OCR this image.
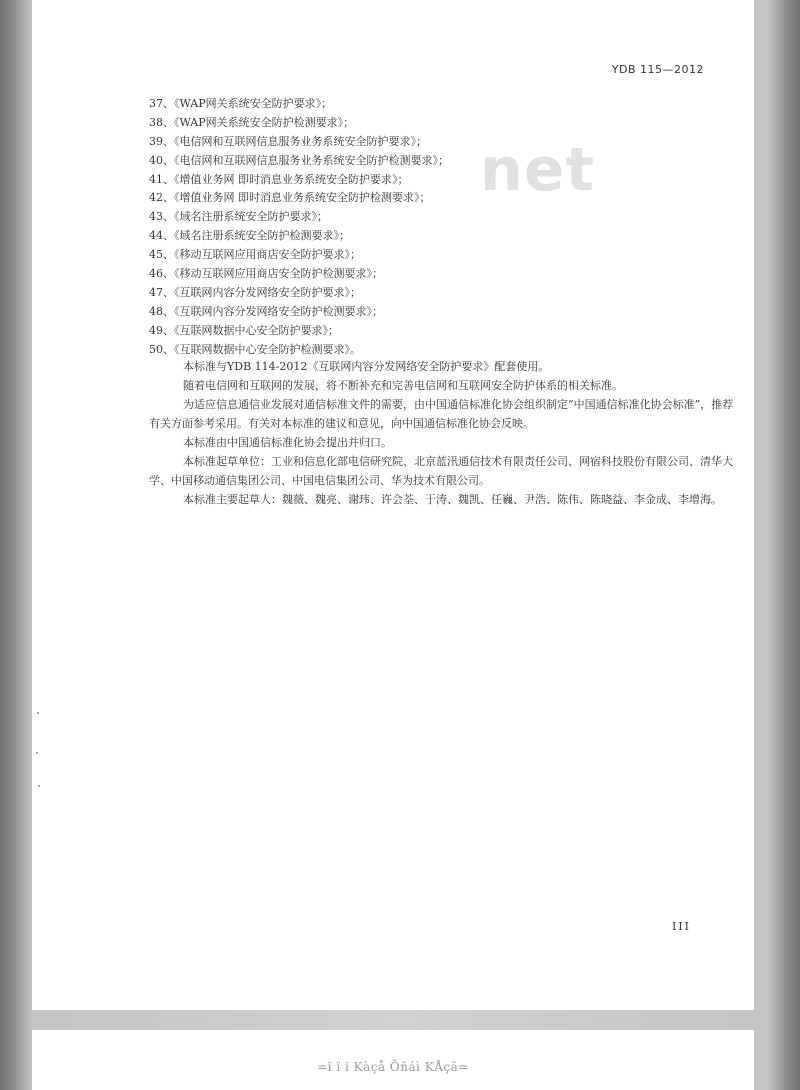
YDB 115—2012
net
37、《WAP网关系统安全防护要求》；
38、《WAP网关系统安全防护检测要求》；
39、《电信网和互联网信息服务业务系统安全防护要求》；
40、《电信网和互联网信息服务业务系统安全防护检测要求》；
41、《增值业务网 即时消息业务系统安全防护要求》；
42、《增值业务网 即时消息业务系统安全防护检测要求》；
43、《域名注册系统安全防护要求》；
44、《域名注册系统安全防护检测要求》；
45、《移动互联网应用商店安全防护要求》；
46、《移动互联网应用商店安全防护检测要求》；
47、《互联网内容分发网络安全防护要求》；
48、《互联网内容分发网络安全防护检测要求》；
49、《互联网数据中心安全防护要求》；
50、《互联网数据中心安全防护检测要求》。

本标准与YDB 114-2012《互联网内容分发网络安全防护要求》配套使用。

随着电信网和互联网的发展，将不断补充和完善电信网和互联网安全防护体系的相关标准。

为适应信息通信业发展对通信标准文件的需要，由中国通信标准化协会组织制定“中国通信标准化协会标准”，推荐有关方面参考采用。有关对本标准的建议和意见，向中国通信标准化协会反映。

本标准由中国通信标准化协会提出并归口。

本标准起草单位：工业和信息化部电信研究院、北京蓝汛通信技术有限责任公司、网宿科技股份有限公司、清华大学、中国移动通信集团公司、中国电信集团公司、华为技术有限公司。

本标准主要起草人：魏薇、魏亮、谢玮、许会荃、于涛、魏凯、任巍、尹浩、陈伟、陈晓益、李金成、李增海。

III
=ï ï ï Kàçå Õñáì KÅçã=
